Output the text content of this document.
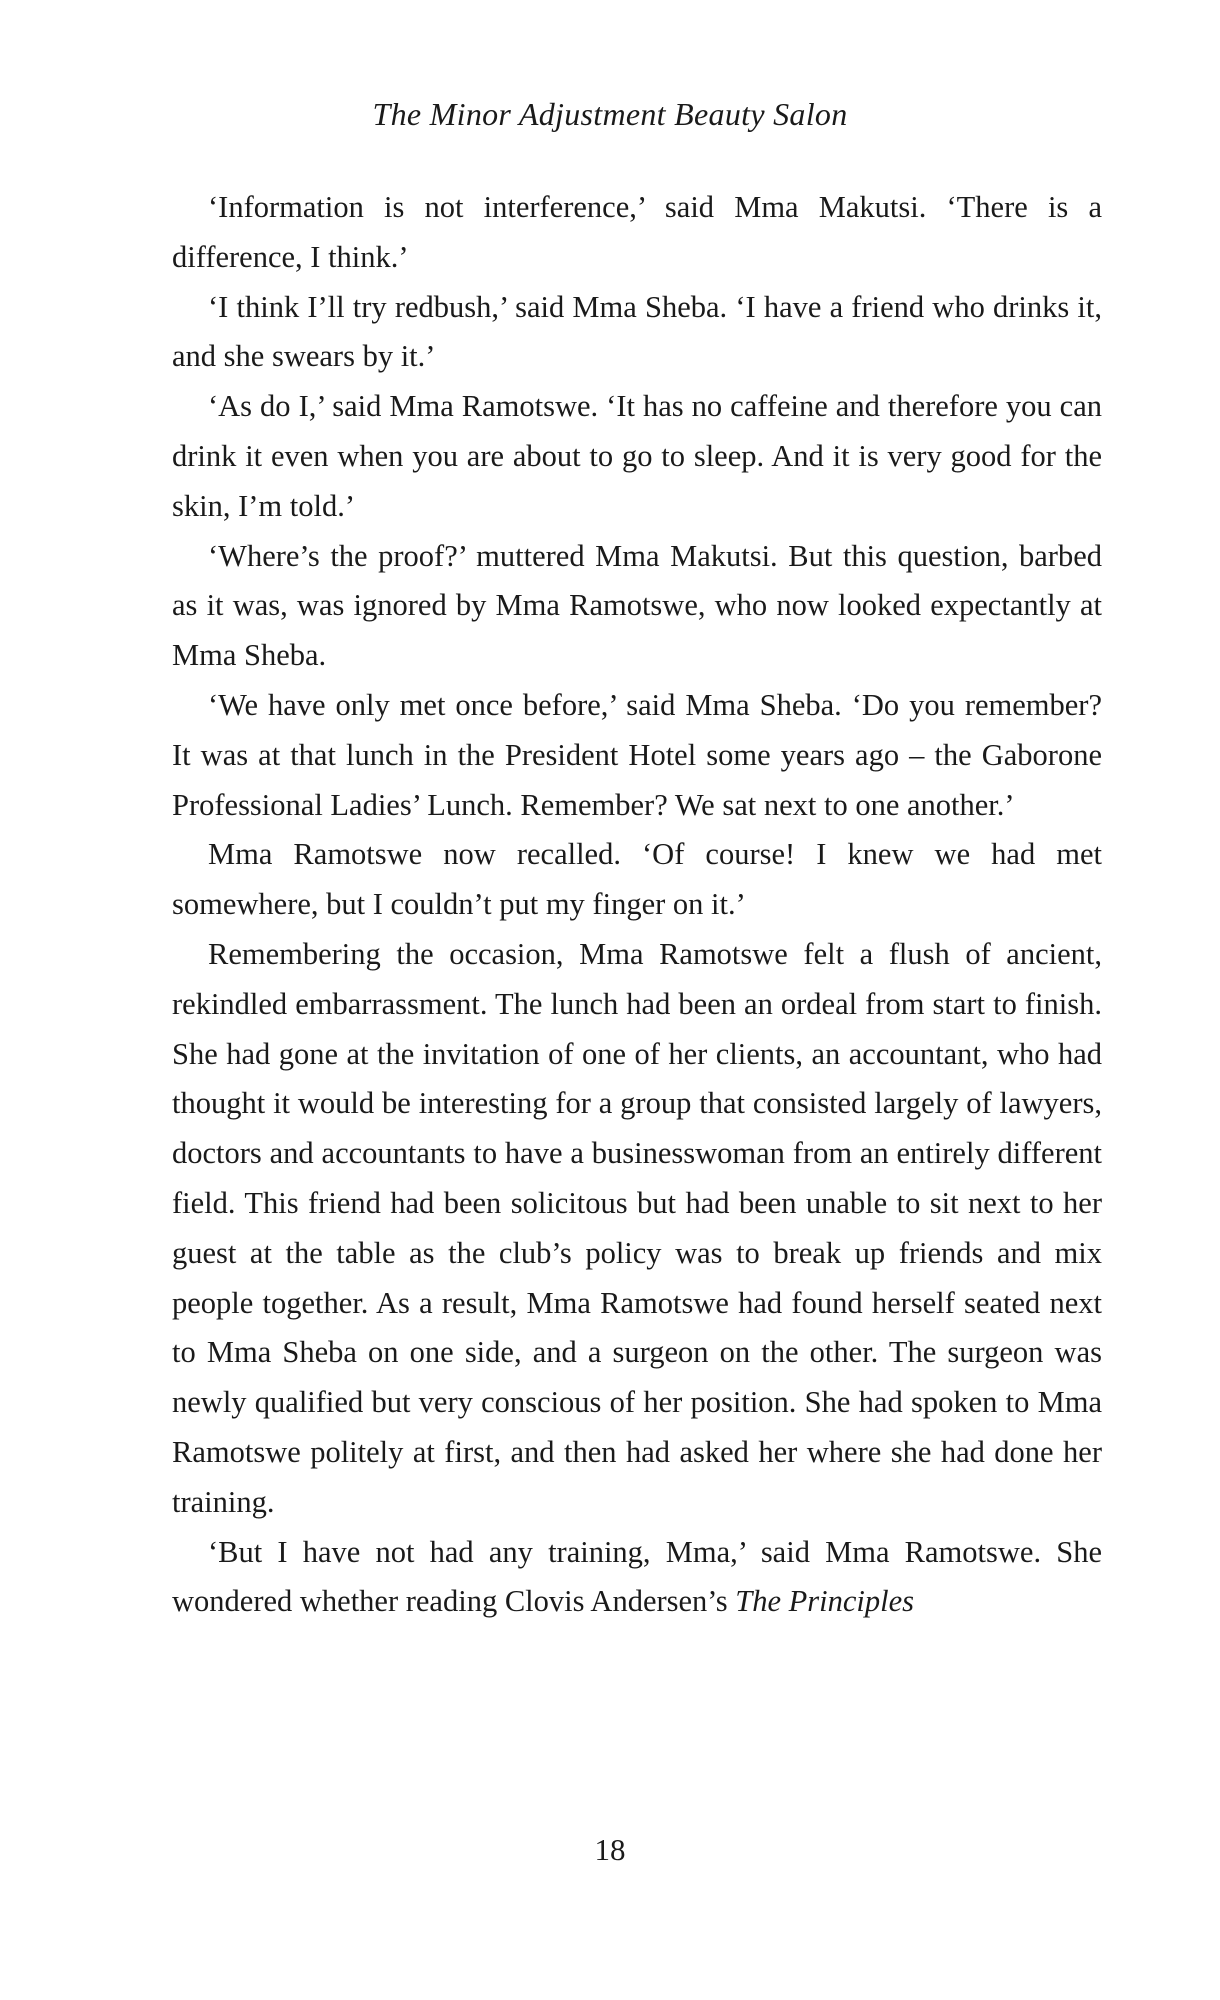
The Minor Adjustment Beauty Salon

‘Information is not interference,’ said Mma Makutsi. ‘There is a difference, I think.’

‘I think I’ll try redbush,’ said Mma Sheba. ‘I have a friend who drinks it, and she swears by it.’

‘As do I,’ said Mma Ramotswe. ‘It has no caffeine and therefore you can drink it even when you are about to go to sleep. And it is very good for the skin, I’m told.’

‘Where’s the proof?’ muttered Mma Makutsi. But this question, barbed as it was, was ignored by Mma Ramotswe, who now looked expectantly at Mma Sheba.

‘We have only met once before,’ said Mma Sheba. ‘Do you remember? It was at that lunch in the President Hotel some years ago – the Gaborone Professional Ladies’ Lunch. Remember? We sat next to one another.’

Mma Ramotswe now recalled. ‘Of course! I knew we had met somewhere, but I couldn’t put my finger on it.’

Remembering the occasion, Mma Ramotswe felt a flush of ancient, rekindled embarrassment. The lunch had been an ordeal from start to finish. She had gone at the invitation of one of her clients, an accountant, who had thought it would be interesting for a group that consisted largely of lawyers, doctors and accountants to have a businesswoman from an entirely different field. This friend had been solicitous but had been unable to sit next to her guest at the table as the club’s policy was to break up friends and mix people together. As a result, Mma Ramotswe had found herself seated next to Mma Sheba on one side, and a surgeon on the other. The surgeon was newly qualified but very conscious of her position. She had spoken to Mma Ramotswe politely at first, and then had asked her where she had done her training.

‘But I have not had any training, Mma,’ said Mma Ramotswe. She wondered whether reading Clovis Andersen’s The Principles

18
